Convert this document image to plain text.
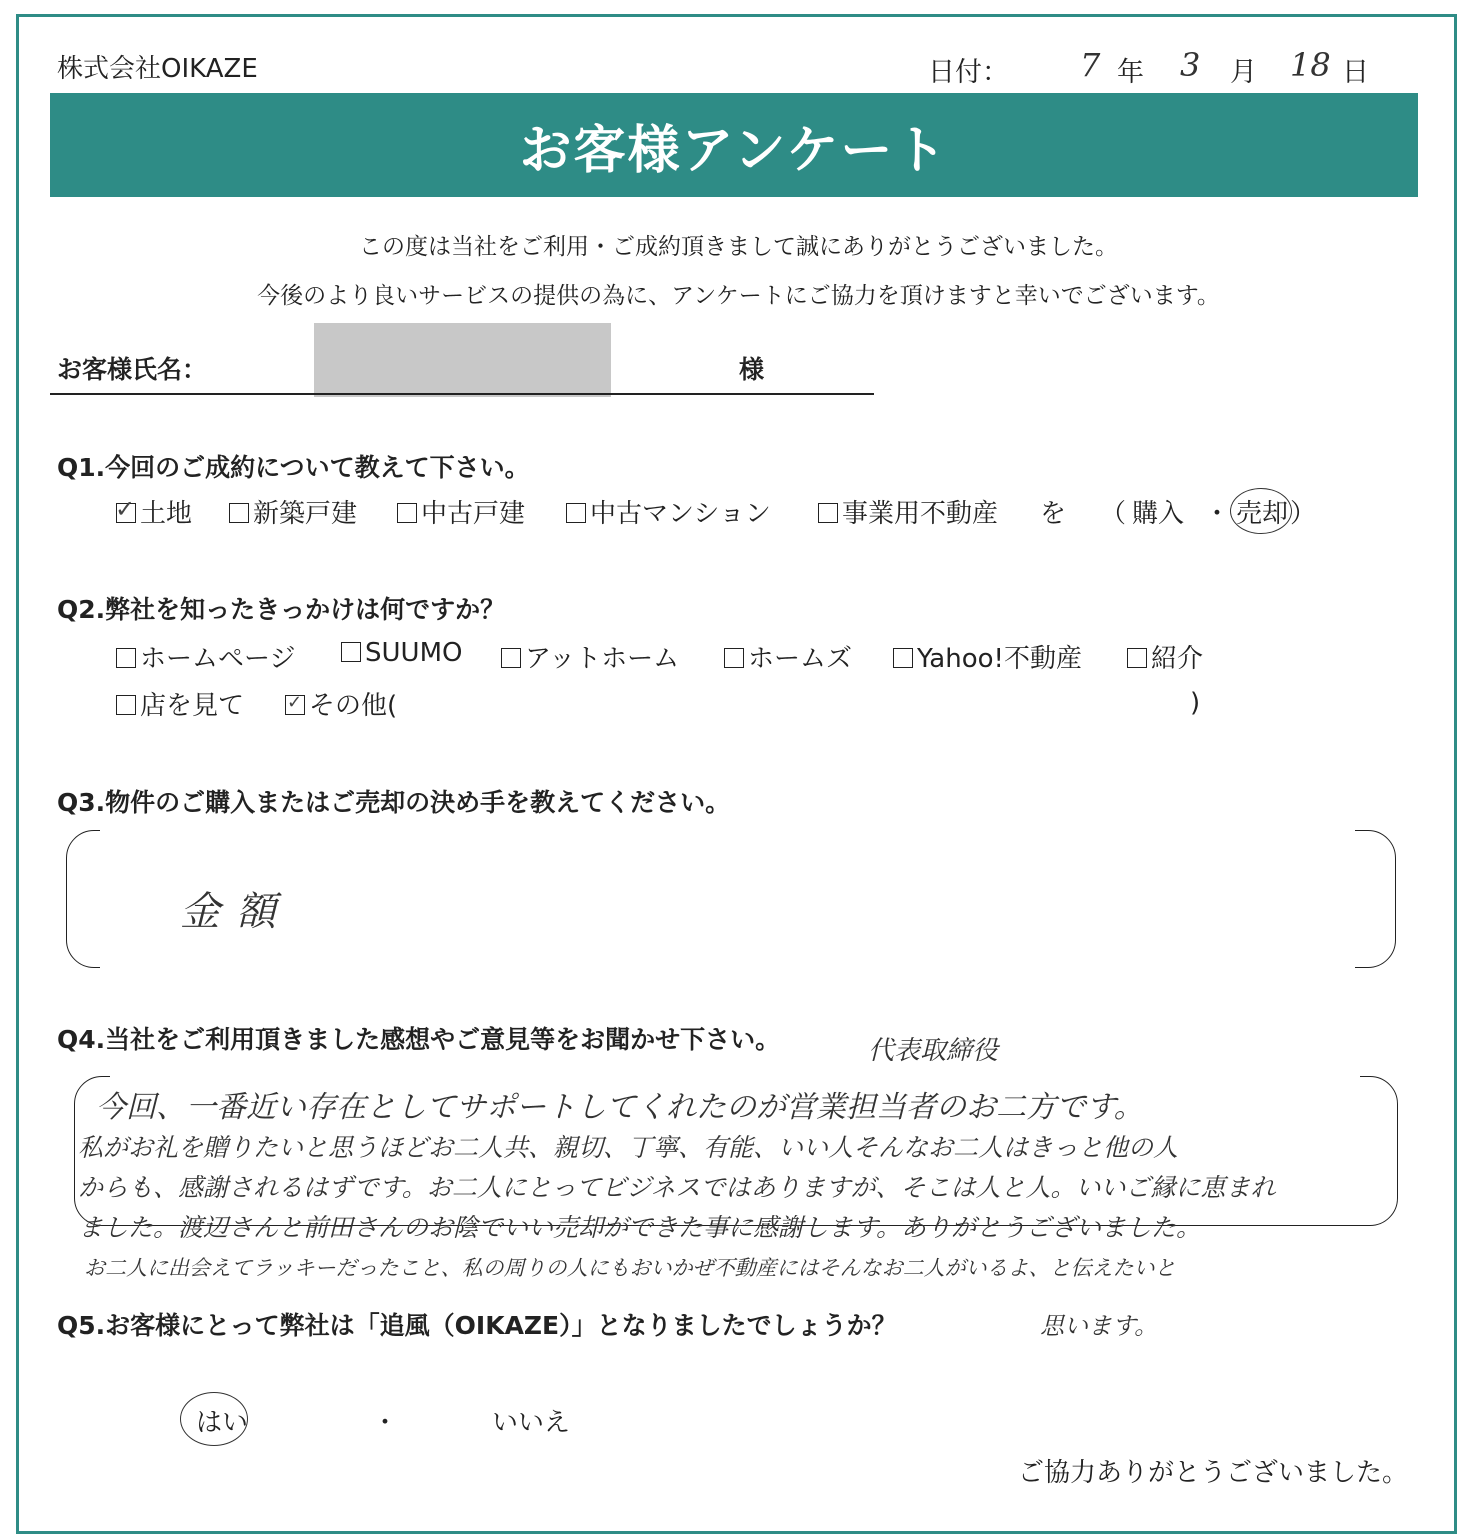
株式会社OIKAZE	日付： 7 年 3 月 18 日
お客様アンケート
この度は当社をご利用・ご成約頂きまして誠にありがとうございました。
今後のより良いサービスの提供の為に、アンケートにご協力を頂けますと幸いでございます。
お客様氏名：	様
Q1.今回のご成約について教えて下さい。
✓ 土地	新築戸建	中古戸建	中古マンション	事業用不動産 を （ 購入 ・ 売却 ）
Q2.弊社を知ったきっかけは何ですか？
ホームページ	SUUMO	アットホーム	ホームズ	Yahoo!不動産	紹介
店を見て ✓ その他(	)
Q3.物件のご購入またはご売却の決め手を教えてください。
金額
Q4.当社をご利用頂きました感想やご意見等をお聞かせ下さい。	代表取締役
今回、一番近い存在としてサポートしてくれたのが営業担当者のお二方です。
私がお礼を贈りたいと思うほどお二人共、親切、丁寧、有能、いい人そんなお二人はきっと他の人
からも、感謝されるはずです。お二人にとってビジネスではありますが、そこは人と人。いいご縁に恵まれ
ました。渡辺さんと前田さんのお陰でいい売却ができた事に感謝します。ありがとうございました。
お二人に出会えてラッキーだったこと、私の周りの人にもおいかぜ不動産にはそんなお二人がいるよ、と伝えたいと
思います。
Q5.お客様にとって弊社は「追風（OIKAZE）」となりましたでしょうか？
はい	・	いいえ
ご協力ありがとうございました。
